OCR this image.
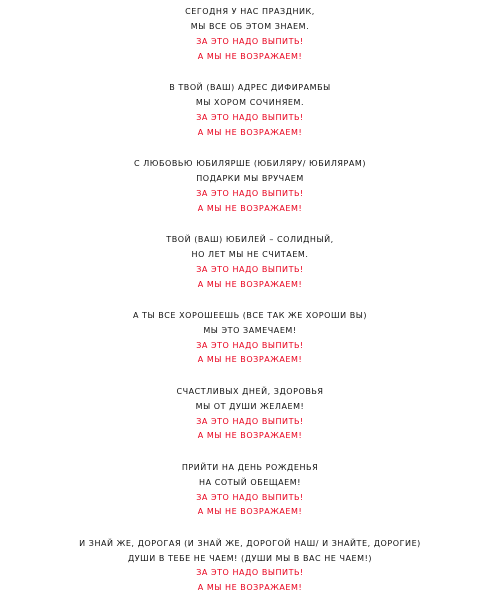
СЕГОДНЯ У НАС ПРАЗДНИК,
МЫ ВСЕ ОБ ЭТОМ ЗНАЕМ.
ЗА ЭТО НАДО ВЫПИТЬ!
А МЫ НЕ ВОЗРАЖАЕМ!
В ТВОЙ (ВАШ) АДРЕС ДИФИРАМБЫ
МЫ ХОРОМ СОЧИНЯЕМ.
ЗА ЭТО НАДО ВЫПИТЬ!
А МЫ НЕ ВОЗРАЖАЕМ!
С ЛЮБОВЬЮ ЮБИЛЯРШЕ (ЮБИЛЯРУ/ ЮБИЛЯРАМ)
ПОДАРКИ МЫ ВРУЧАЕМ
ЗА ЭТО НАДО ВЫПИТЬ!
А МЫ НЕ ВОЗРАЖАЕМ!
ТВОЙ (ВАШ) ЮБИЛЕЙ – СОЛИДНЫЙ,
НО ЛЕТ МЫ НЕ СЧИТАЕМ.
ЗА ЭТО НАДО ВЫПИТЬ!
А МЫ НЕ ВОЗРАЖАЕМ!
А ТЫ ВСЕ ХОРОШЕЕШЬ (ВСЕ ТАК ЖЕ ХОРОШИ ВЫ)
МЫ ЭТО ЗАМЕЧАЕМ!
ЗА ЭТО НАДО ВЫПИТЬ!
А МЫ НЕ ВОЗРАЖАЕМ!
СЧАСТЛИВЫХ ДНЕЙ, ЗДОРОВЬЯ
МЫ ОТ ДУШИ ЖЕЛАЕМ!
ЗА ЭТО НАДО ВЫПИТЬ!
А МЫ НЕ ВОЗРАЖАЕМ!
ПРИЙТИ НА ДЕНЬ РОЖДЕНЬЯ
НА СОТЫЙ ОБЕЩАЕМ!
ЗА ЭТО НАДО ВЫПИТЬ!
А МЫ НЕ ВОЗРАЖАЕМ!
И ЗНАЙ ЖЕ, ДОРОГАЯ (И ЗНАЙ ЖЕ, ДОРОГОЙ НАШ/ И ЗНАЙТЕ, ДОРОГИЕ)
ДУШИ В ТЕБЕ НЕ ЧАЕМ! (ДУШИ МЫ В ВАС НЕ ЧАЕМ!)
ЗА ЭТО НАДО ВЫПИТЬ!
А МЫ НЕ ВОЗРАЖАЕМ!
